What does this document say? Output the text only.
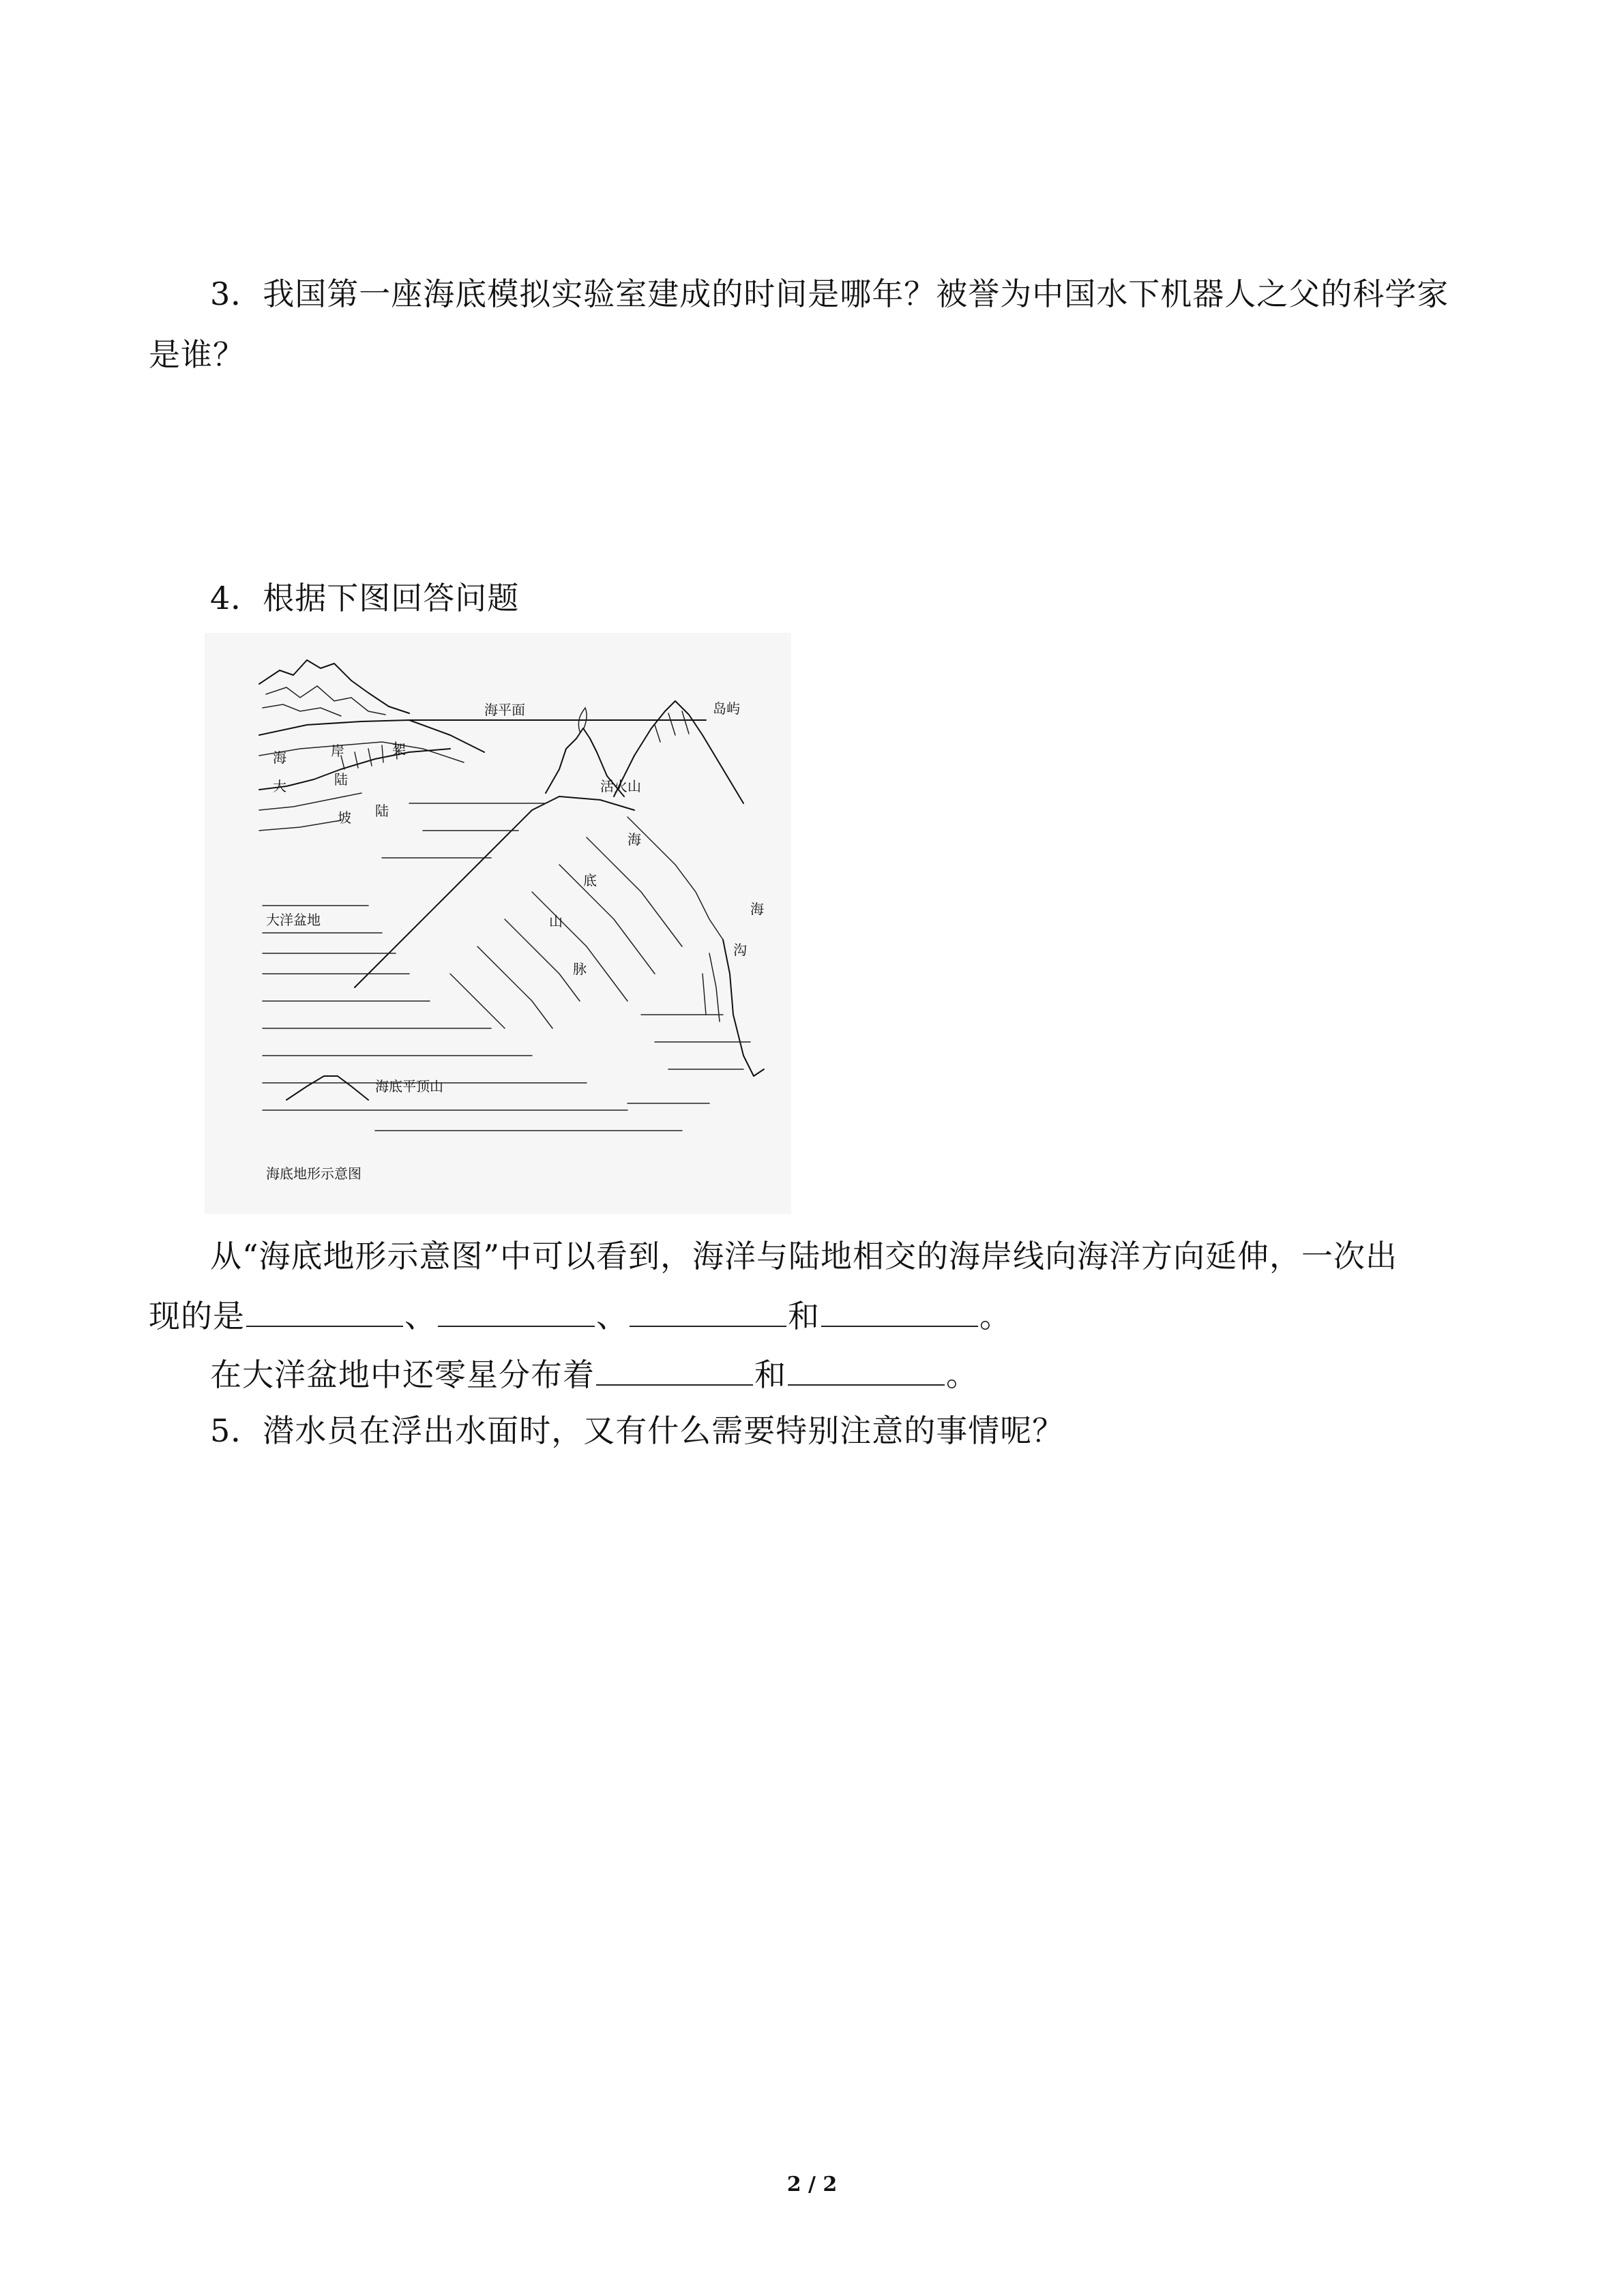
3．我国第一座海底模拟实验室建成的时间是哪年？被誉为中国水下机器人之父的科学家
是谁？
4．根据下图回答问题
海平面	岛屿
海	岸
大	陆
架
陆
坡
活火山
海
底
山
脉
海
沟
大洋盆地
海底平顶山
海底地形示意图
从“海底地形示意图”中可以看到，海洋与陆地相交的海岸线向海洋方向延伸，一次出
现的是	、	、	和	。
在大洋盆地中还零星分布着	和	。
5．潜水员在浮出水面时，又有什么需要特别注意的事情呢？
2 / 2
